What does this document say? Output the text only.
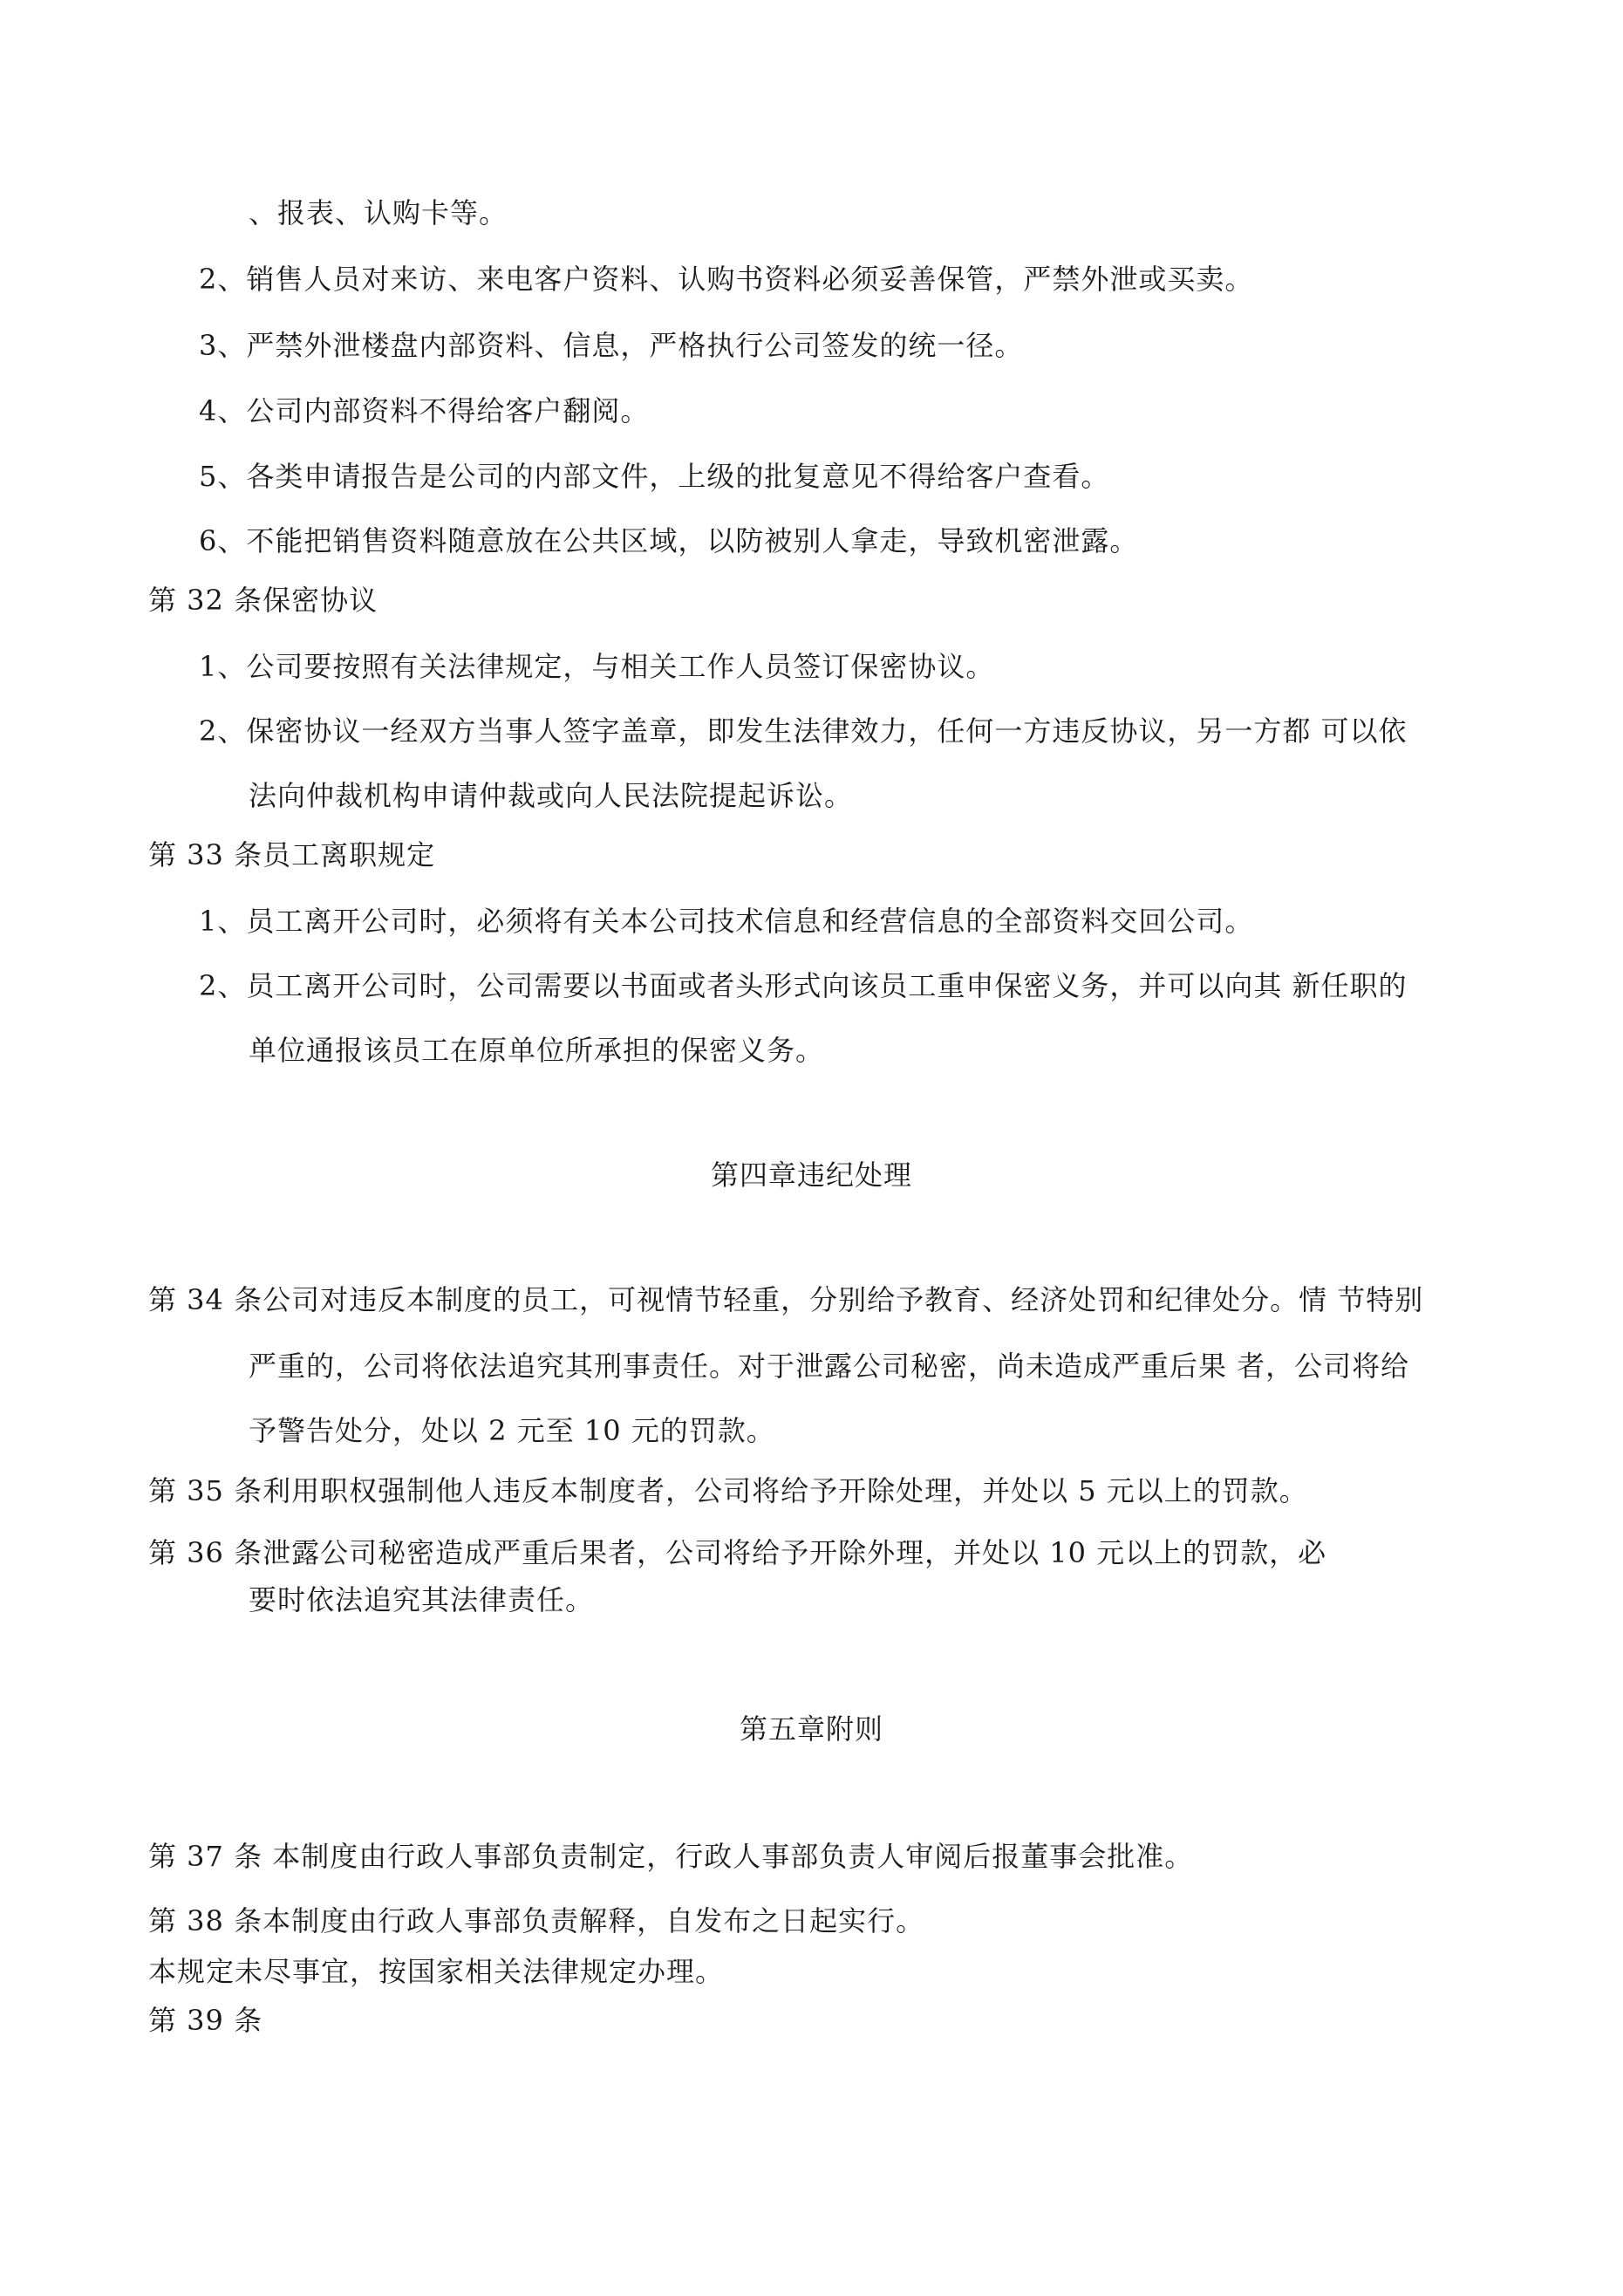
、报表、认购卡等。
2、销售人员对来访、来电客户资料、认购书资料必须妥善保管，严禁外泄或买卖。
3、严禁外泄楼盘内部资料、信息，严格执行公司签发的统一径。
4、公司内部资料不得给客户翻阅。
5、各类申请报告是公司的内部文件，上级的批复意见不得给客户查看。
6、不能把销售资料随意放在公共区域，以防被别人拿走，导致机密泄露。
第 32 条保密协议
1、公司要按照有关法律规定，与相关工作人员签订保密协议。
2、保密协议一经双方当事人签字盖章，即发生法律效力，任何一方违反协议，另一方都 可以依
法向仲裁机构申请仲裁或向人民法院提起诉讼。
第 33 条员工离职规定
1、员工离开公司时，必须将有关本公司技术信息和经营信息的全部资料交回公司。
2、员工离开公司时，公司需要以书面或者头形式向该员工重申保密义务，并可以向其 新任职的
单位通报该员工在原单位所承担的保密义务。
第四章违纪处理
第 34 条公司对违反本制度的员工，可视情节轻重，分别给予教育、经济处罚和纪律处分。情 节特别
严重的，公司将依法追究其刑事责任。对于泄露公司秘密，尚未造成严重后果 者，公司将给
予警告处分，处以 2 元至 10 元的罚款。
第 35 条利用职权强制他人违反本制度者，公司将给予开除处理，并处以 5 元以上的罚款。
第 36 条泄露公司秘密造成严重后果者，公司将给予开除外理，并处以 10 元以上的罚款，必
要时依法追究其法律责任。
第五章附则
第 37 条 本制度由行政人事部负责制定，行政人事部负责人审阅后报董事会批准。
第 38 条本制度由行政人事部负责解释，自发布之日起实行。
本规定未尽事宜，按国家相关法律规定办理。
第 39 条
